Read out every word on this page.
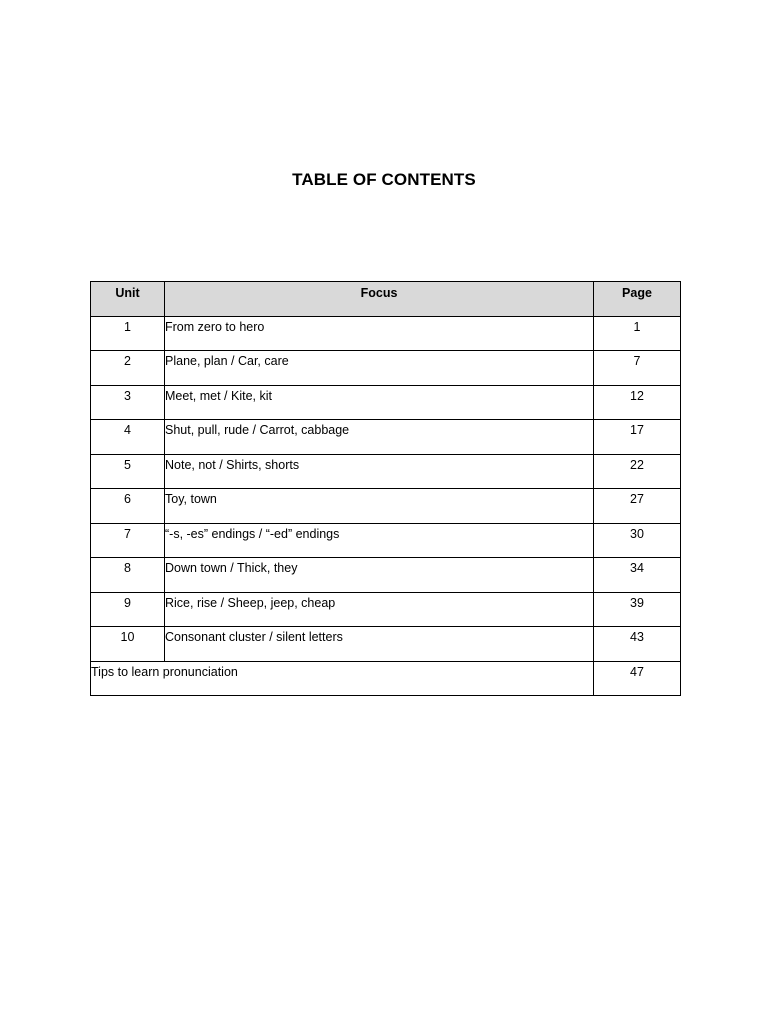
TABLE OF CONTENTS
Unit	Focus	Page
1	From zero to hero	1
2	Plane, plan / Car, care	7
3	Meet, met / Kite, kit	12
4	Shut, pull, rude / Carrot, cabbage	17
5	Note, not / Shirts, shorts	22
6	Toy, town	27
7	“-s, -es” endings / “-ed” endings	30
8	Down town / Thick, they	34
9	Rice, rise / Sheep, jeep, cheap	39
10	Consonant cluster / silent letters	43
Tips to learn pronunciation		47
